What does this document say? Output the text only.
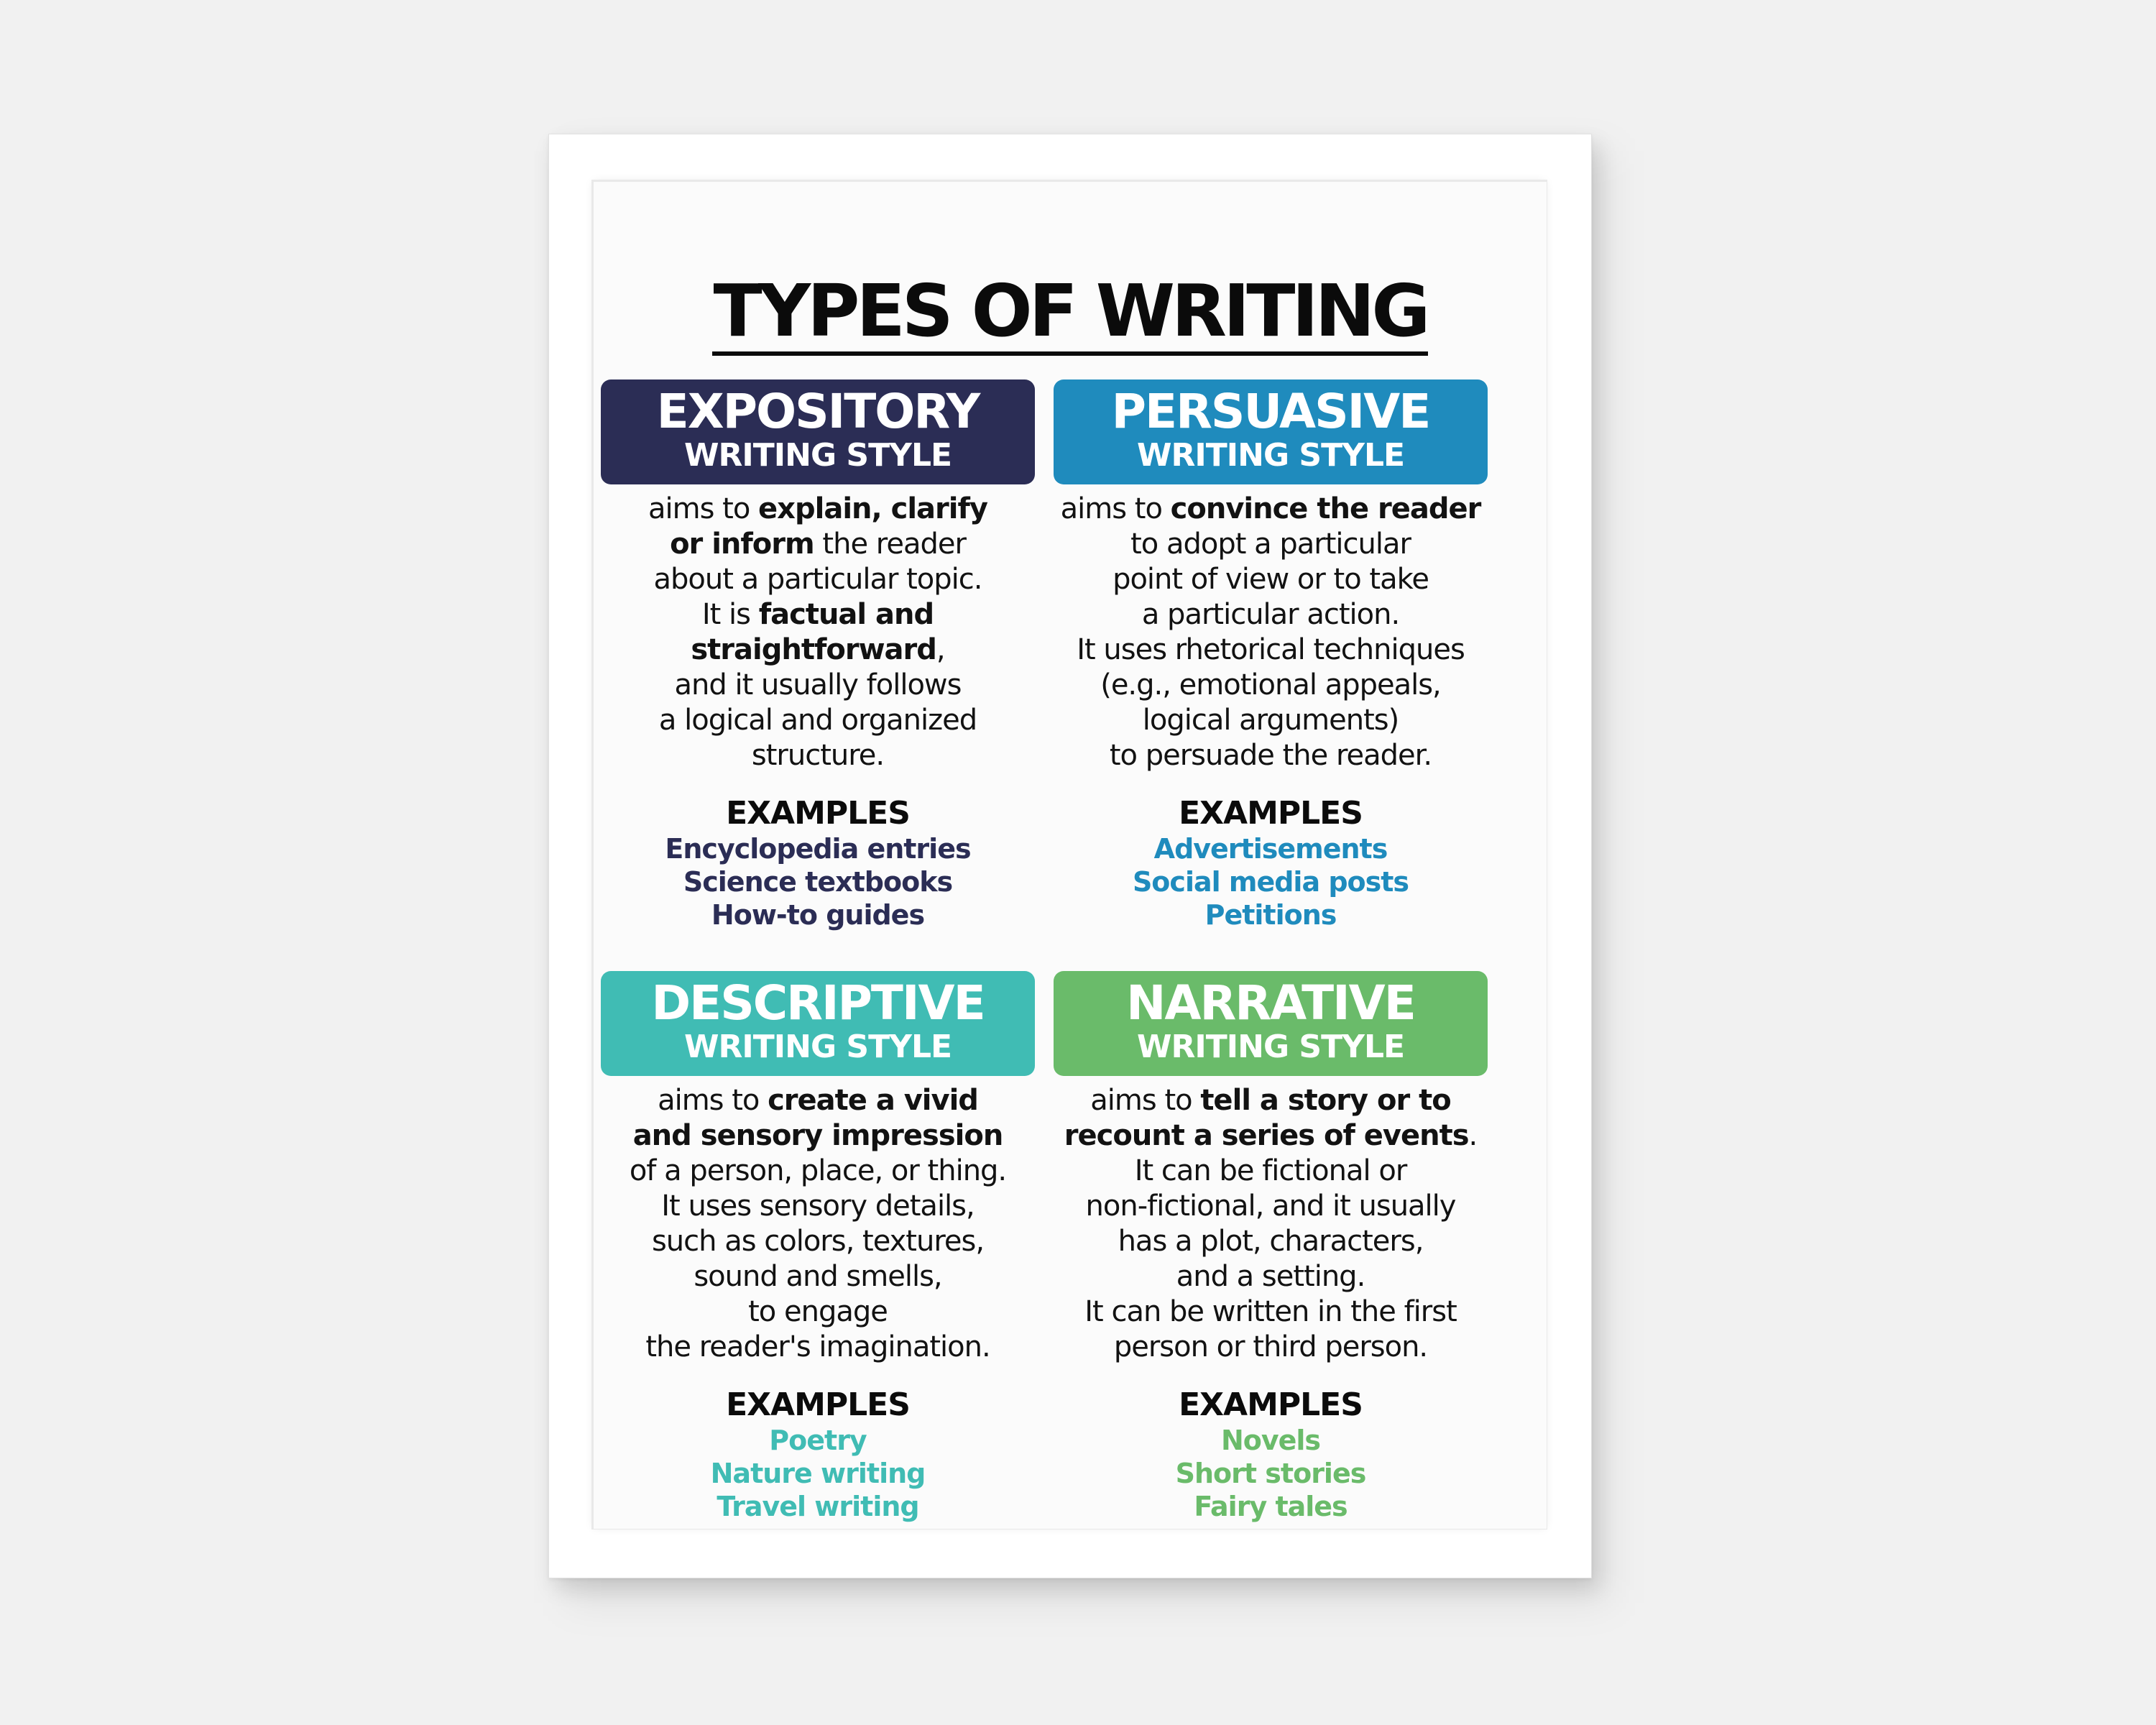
TYPES OF WRITING
EXPOSITORY
WRITING STYLE
aims to explain, clarify
or inform the reader
about a particular topic.
It is factual and
straightforward,
and it usually follows
a logical and organized
structure.
EXAMPLES
Encyclopedia entries
Science textbooks
How-to guides
PERSUASIVE
WRITING STYLE
aims to convince the reader
to adopt a particular
point of view or to take
a particular action.
It uses rhetorical techniques
(e.g., emotional appeals,
logical arguments)
to persuade the reader.
EXAMPLES
Advertisements
Social media posts
Petitions
DESCRIPTIVE
WRITING STYLE
aims to create a vivid
and sensory impression
of a person, place, or thing.
It uses sensory details,
such as colors, textures,
sound and smells,
to engage
the reader's imagination.
EXAMPLES
Poetry
Nature writing
Travel writing
NARRATIVE
WRITING STYLE
aims to tell a story or to
recount a series of events.
It can be fictional or
non-fictional, and it usually
has a plot, characters,
and a setting.
It can be written in the first
person or third person.
EXAMPLES
Novels
Short stories
Fairy tales
